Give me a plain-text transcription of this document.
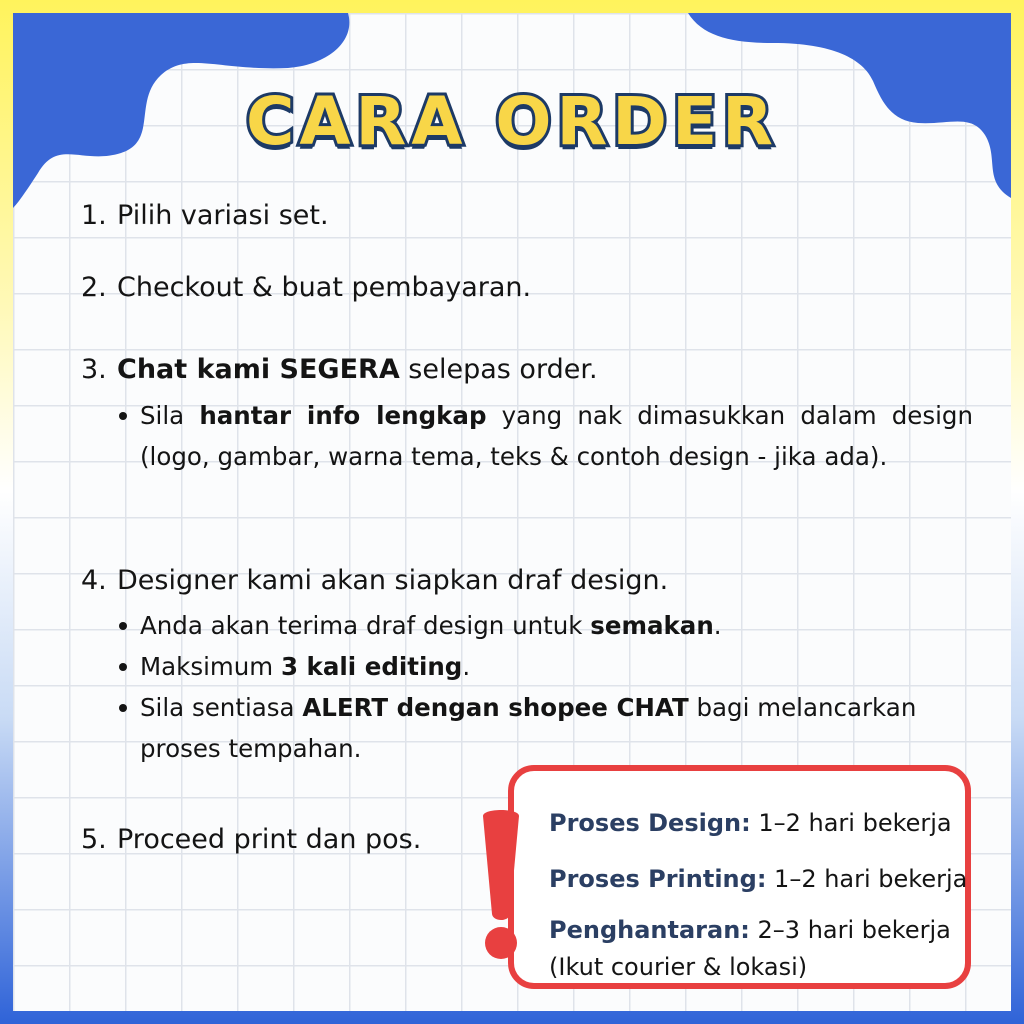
CARA ORDER
1. Pilih variasi set.
2. Checkout & buat pembayaran.
3. Chat kami SEGERA selepas order.
Sila hantar info lengkap yang nak dimasukkan dalam design (logo, gambar, warna tema, teks & contoh design - jika ada).
4. Designer kami akan siapkan draf design.
Anda akan terima draf design untuk semakan.
Maksimum 3 kali editing.
Sila sentiasa ALERT dengan shopee CHAT bagi melancarkan proses tempahan.
5. Proceed print dan pos.
Proses Design: 1–2 hari bekerja
Proses Printing: 1–2 hari bekerja
Penghantaran: 2–3 hari bekerja
(Ikut courier & lokasi)
